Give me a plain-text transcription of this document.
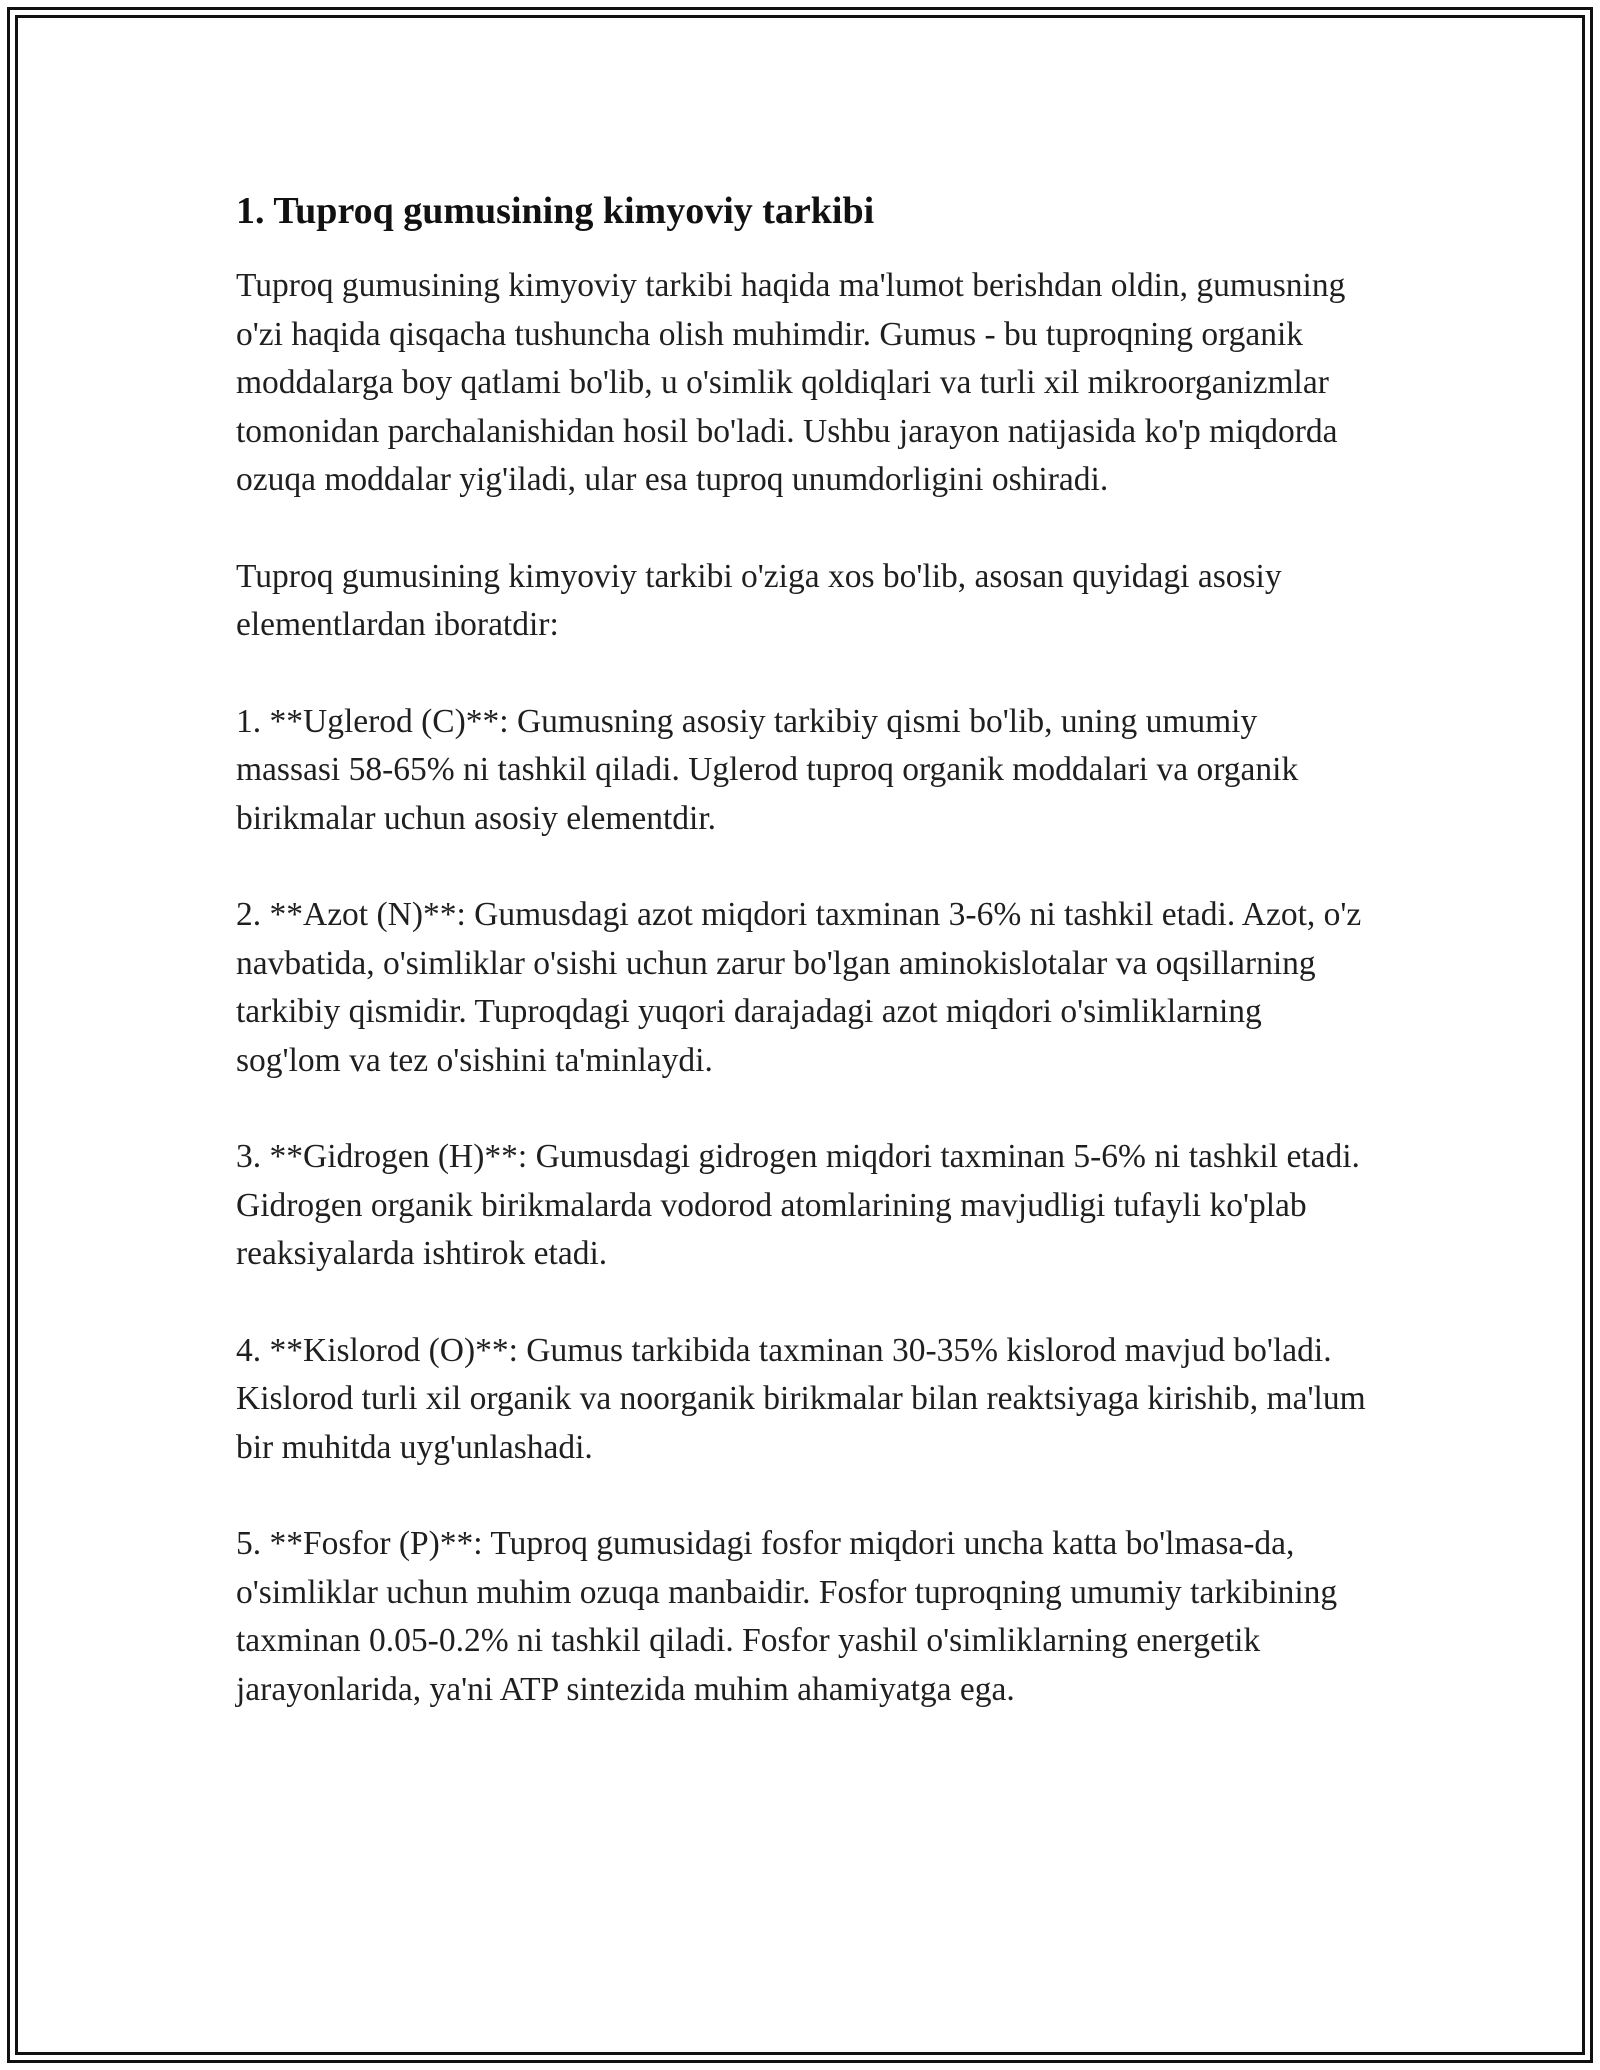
1. Tuproq gumusining kimyoviy tarkibi

Tuproq gumusining kimyoviy tarkibi haqida ma'lumot berishdan oldin, gumusning o'zi haqida qisqacha tushuncha olish muhimdir. Gumus - bu tuproqning organik moddalarga boy qatlami bo'lib, u o'simlik qoldiqlari va turli xil mikroorganizmlar tomonidan parchalanishidan hosil bo'ladi. Ushbu jarayon natijasida ko'p miqdorda ozuqa moddalar yig'iladi, ular esa tuproq unumdorligini oshiradi.

Tuproq gumusining kimyoviy tarkibi o'ziga xos bo'lib, asosan quyidagi asosiy elementlardan iboratdir:

1. **Uglerod (C)**: Gumusning asosiy tarkibiy qismi bo'lib, uning umumiy massasi 58-65% ni tashkil qiladi. Uglerod tuproq organik moddalari va organik birikmalar uchun asosiy elementdir.

2. **Azot (N)**: Gumusdagi azot miqdori taxminan 3-6% ni tashkil etadi. Azot, o'z navbatida, o'simliklar o'sishi uchun zarur bo'lgan aminokislotalar va oqsillarning tarkibiy qismidir. Tuproqdagi yuqori darajadagi azot miqdori o'simliklarning sog'lom va tez o'sishini ta'minlaydi.

3. **Gidrogen (H)**: Gumusdagi gidrogen miqdori taxminan 5-6% ni tashkil etadi. Gidrogen organik birikmalarda vodorod atomlarining mavjudligi tufayli ko'plab reaksiyalarda ishtirok etadi.

4. **Kislorod (O)**: Gumus tarkibida taxminan 30-35% kislorod mavjud bo'ladi. Kislorod turli xil organik va noorganik birikmalar bilan reaktsiyaga kirishib, ma'lum bir muhitda uyg'unlashadi.

5. **Fosfor (P)**: Tuproq gumusidagi fosfor miqdori uncha katta bo'lmasa-da, o'simliklar uchun muhim ozuqa manbaidir. Fosfor tuproqning umumiy tarkibining taxminan 0.05-0.2% ni tashkil qiladi. Fosfor yashil o'simliklarning energetik jarayonlarida, ya'ni ATP sintezida muhim ahamiyatga ega.
